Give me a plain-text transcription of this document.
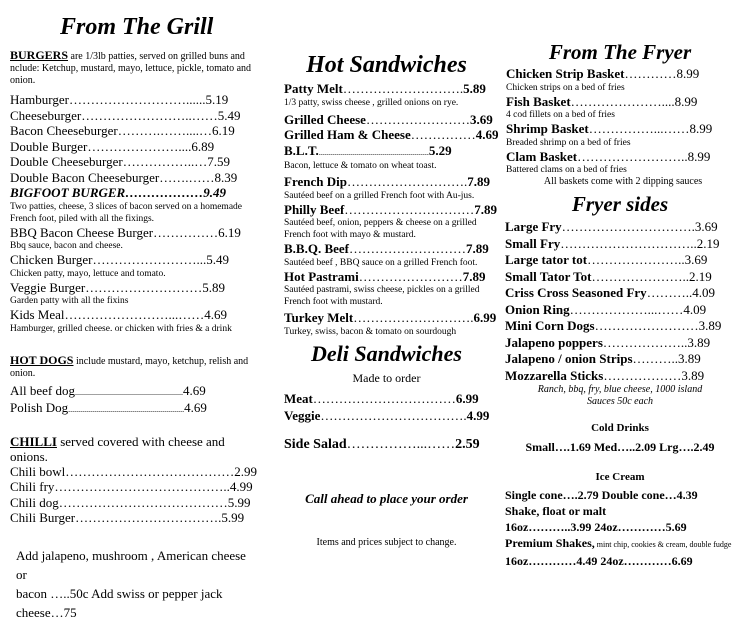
From The Grill
BURGERS are 1/3lb patties, served on grilled buns and
nclude: Ketchup, mustard, mayo, lettuce, pickle, tomato and
onion.
Hamburger………………………......5.19
Cheeseburger……………………..……5.49
Bacon Cheeseburger……….……....…6.19
Double Burger…………………....6.89
Double Cheeseburger……………..…7.59
Double Bacon Cheeseburger…….……8.39
BIGFOOT BURGER………………9.49
Two patties, cheese, 3 slices of bacon served on a homemade
French foot, piled with all the fixings.
BBQ Bacon Cheese Burger……………6.19
Bbq sauce, bacon and cheese.
Chicken Burger……………………...5.49
Chicken patty, mayo, lettuce and tomato.
Veggie Burger………………………5.89
Garden patty with all the fixins
Kids Meal……………………...……4.69
Hamburger, grilled cheese. or chicken with fries & a drink
HOT DOGS include mustard, mayo, ketchup, relish and
onion.
All beef dog......................................................4.69
Polish Dog..........................................................4.69
CHILLI served covered with cheese and onions.
Chili bowl…………………………………2.99
Chili fry…………………………………..4.99
Chili dog…………………………………5.99
Chili Burger…………………………….5.99
Add jalapeno, mushroom , American cheese or
bacon …..50c Add swiss or pepper jack
cheese…75
Hot Sandwiches
Patty Melt……………………….5.89
1/3 patty, swiss cheese , grilled onions on rye.
Grilled Cheese……………………3.69
Grilled Ham & Cheese……………4.69
B.L.T........................................................5.29
Bacon, lettuce & tomato on wheat toast.
French Dip……………………….7.89
Sautéed beef on a grilled French foot with Au-jus.
Philly Beef…………………………7.89
Sautéed beef, onion, peppers & cheese on a grilled
French foot with mayo & mustard.
B.B.Q. Beef………………………7.89
Sautéed beef , BBQ sauce on a grilled French foot.
Hot Pastrami……………………7.89
Sautéed pastrami, swiss cheese, pickles on a grilled
French foot with mustard.
Turkey Melt……………………….6.99
Turkey, swiss, bacon & tomato on sourdough
Deli Sandwiches
Made to order
Meat……………………………6.99
Veggie…………………………….4.99
Side Salad……………...……2.59
Call ahead to place your order
Items and prices subject to change.
From The Fryer
Chicken Strip Basket…………8.99
Chicken strips on a bed of fries
Fish Basket…………………....8.99
4 cod fillets on a bed of fries
Shrimp Basket……………...……8.99
Breaded shrimp on a bed of fries
Clam Basket……………………..8.99
Battered clams on a bed of fries
All baskets come with 2 dipping sauces
Fryer sides
Large Fry………………………….3.69
Small Fry…………………………..2.19
Large tator tot…………………..3.69
Small Tator Tot…………………..2.19
Criss Cross Seasoned Fry………..4.09
Onion Ring………………...……4.09
Mini Corn Dogs……………………3.89
Jalapeno poppers………………..3.89
Jalapeno / onion Strips………..3.89
Mozzarella Sticks………………3.89
Ranch, bbq, fry, blue cheese, 1000 island
Sauces 50c each
Cold Drinks
Small….1.69 Med…..2.09 Lrg….2.49
Ice Cream
Single cone….2.79 Double cone…4.39
Shake, float or malt
16oz………..3.99 24oz…………5.69
Premium Shakes, mint chip, cookies & cream, double fudge
16oz…………4.49 24oz…………6.69
